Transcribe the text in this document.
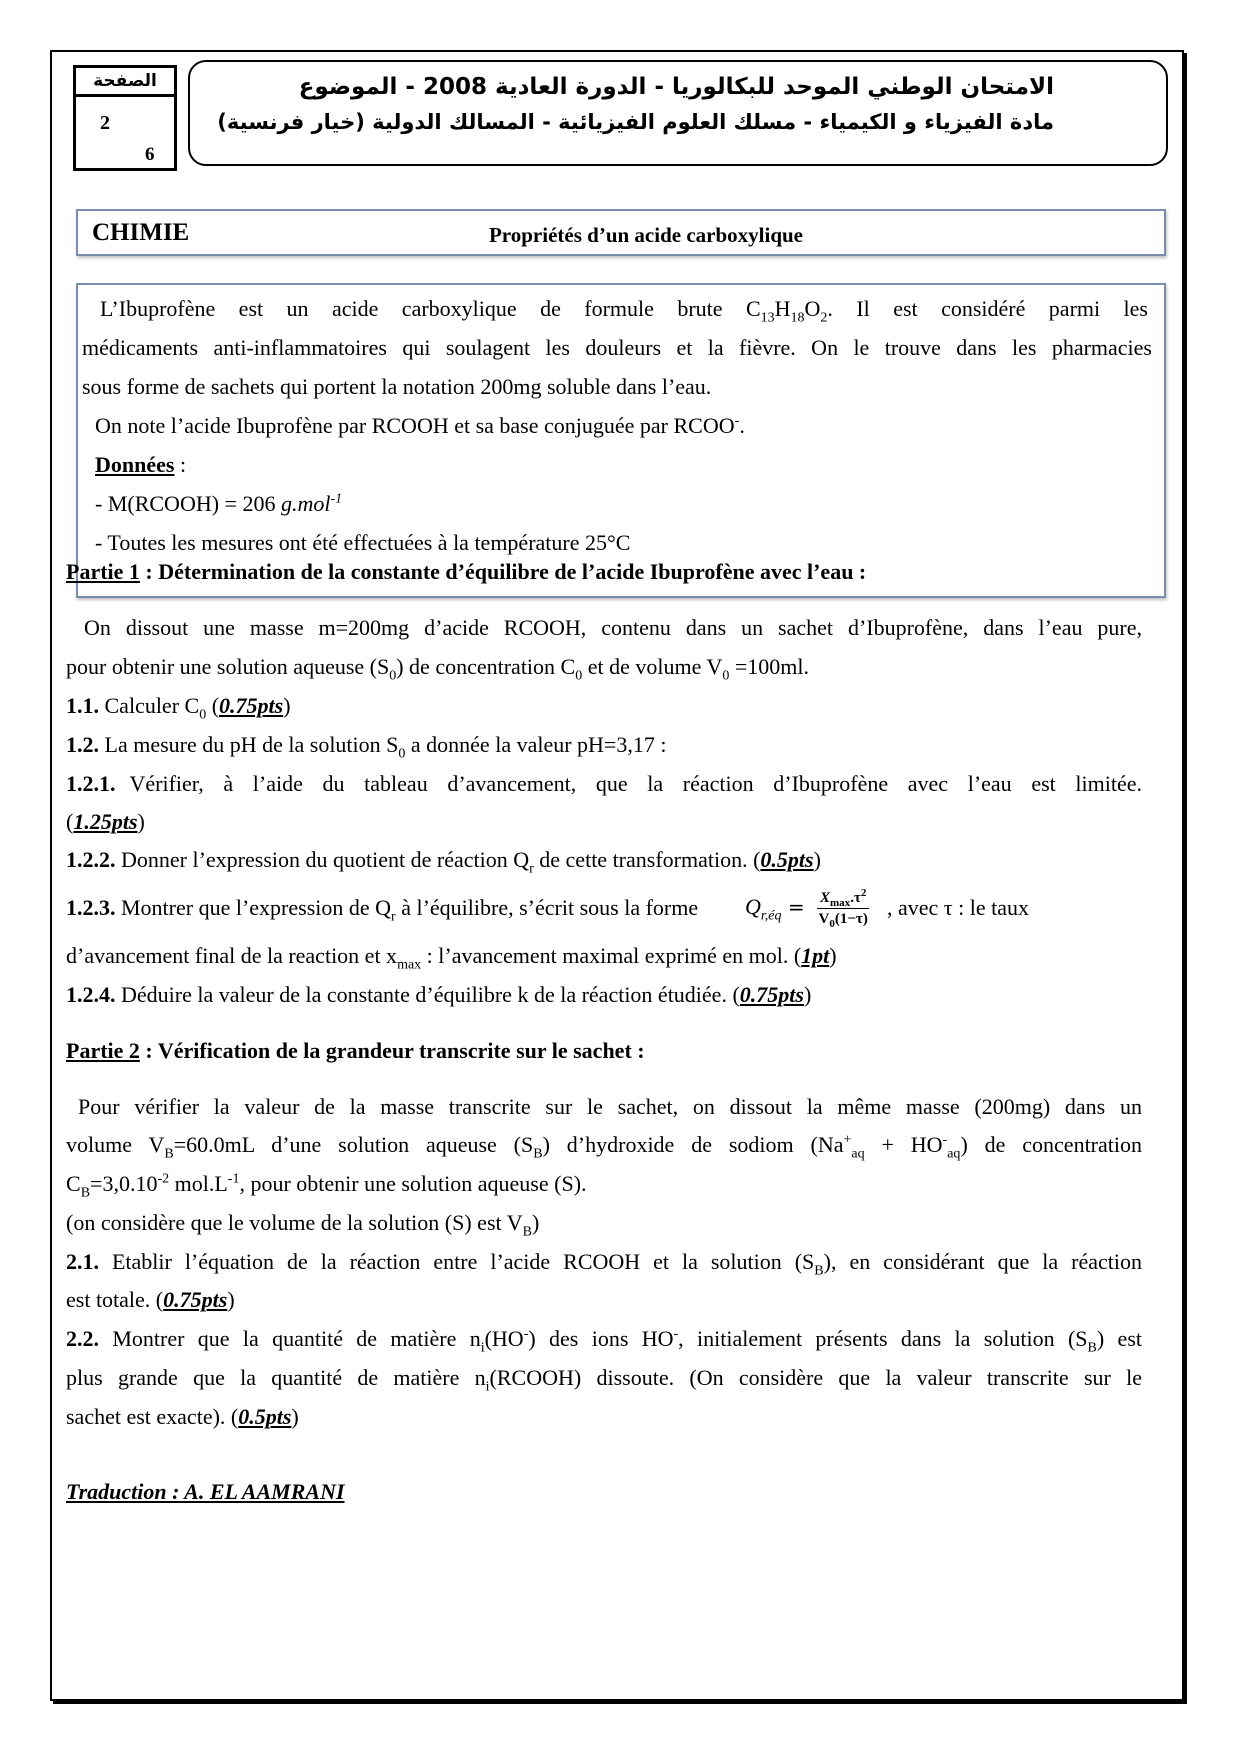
الصفحة
2
6
الامتحان الوطني الموحد للبكالوريا - الدورة العادية 2008 - الموضوع
مادة الفيزياء و الكيمياء - مسلك العلوم الفيزيائية - المسالك الدولية (خيار فرنسية)
CHIMIE	Propriétés d’un acide carboxylique
L’Ibuprofène est un acide carboxylique de formule brute $C_{13}H_{18}O_2$. Il est considéré parmi les
médicaments anti-inflammatoires qui soulagent les douleurs et la fièvre. On le trouve dans les pharmacies
sous forme de sachets qui portent la notation 200mg soluble dans l’eau.
On note l’acide Ibuprofène par RCOOH et sa base conjuguée par RCOO-.
Données :
- M(RCOOH) = 206 g.mol$^{-1}$
- Toutes les mesures ont été effectuées à la température 25°C
Partie 1 : Détermination de la constante d’équilibre de l’acide Ibuprofène avec l’eau :
On dissout une masse m=200mg d’acide RCOOH, contenu dans un sachet d’Ibuprofène, dans l’eau pure,
pour obtenir une solution aqueuse $(S_0)$ de concentration $C_0$ et de volume $V_0 =100ml$.
1.1. Calculer $C_0$ (0.75pts)
1.2. La mesure du pH de la solution $S_0$ a donnée la valeur pH=3,17 :
1.2.1. Vérifier, à l’aide du tableau d’avancement, que la réaction d’Ibuprofène avec l’eau est limitée.
(1.25pts)
1.2.2. Donner l’expression du quotient de réaction $Q_r$ de cette transformation. (0.5pts)
1.2.3. Montrer que l’expression de $Q_r$ à l’équilibre, s’écrit sous la forme $Q_{r,éq} = \frac{X_{max}.\tau^2}{V_0(1-\tau)}$ , avec τ : le taux
d’avancement final de la reaction et $x_{max}$ : l’avancement maximal exprimé en mol. (1pt)
1.2.4. Déduire la valeur de la constante d’équilibre k de la réaction étudiée. (0.75pts)
Partie 2 : Vérification de la grandeur transcrite sur le sachet :
Pour vérifier la valeur de la masse transcrite sur le sachet, on dissout la même masse (200mg) dans un
volume $V_B=60.0mL$ d’une solution aqueuse $(S_B)$ d’hydroxide de sodiom $(Na^+_{aq} + HO^-_{aq})$ de concentration
$C_B=3,0.10^{-2}$ $mol.L^{-1}$, pour obtenir une solution aqueuse (S).
(on considère que le volume de la solution (S) est $V_B$)
2.1. Etablir l’équation de la réaction entre l’acide RCOOH et la solution $(S_B)$, en considérant que la réaction
est totale. (0.75pts)
2.2. Montrer que la quantité de matière $n_i(HO^-)$ des ions HO-, initialement présents dans la solution $(S_B)$ est
plus grande que la quantité de matière $n_i(RCOOH)$ dissoute. (On considère que la valeur transcrite sur le
sachet est exacte). (0.5pts)
Traduction : A. EL AAMRANI
